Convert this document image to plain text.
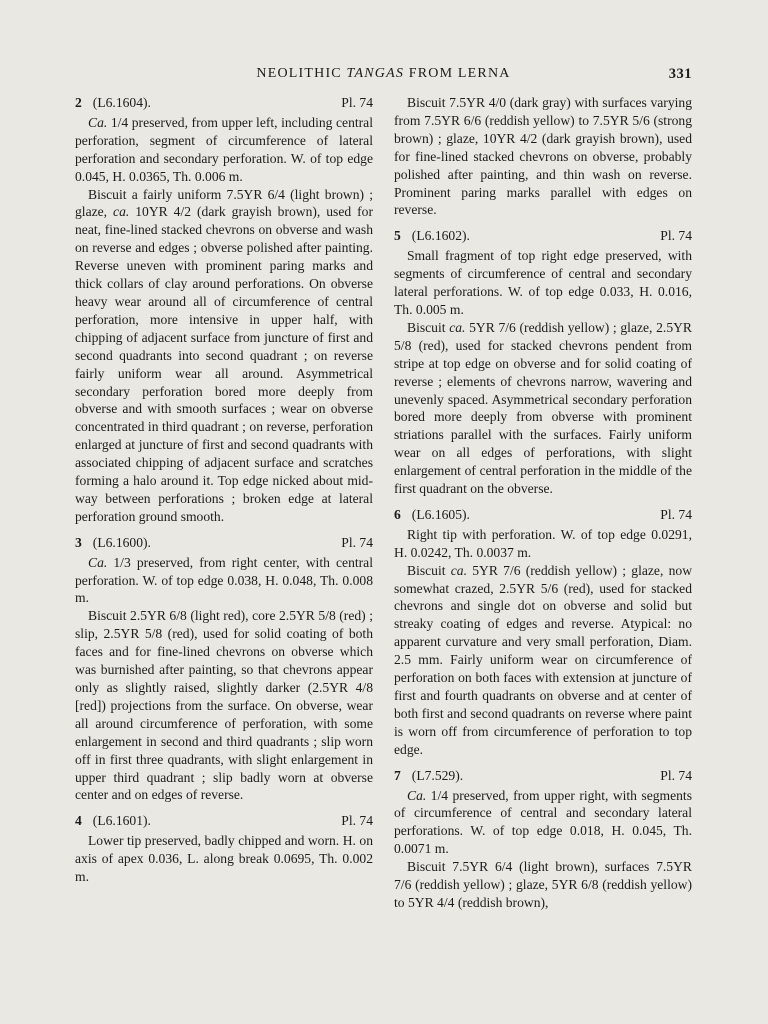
NEOLITHIC TANGAS FROM LERNA	331
2 (L6.1604).	Pl. 74

Ca. 1/4 preserved, from upper left, including central perforation, segment of circumference of lateral perforation and secondary perforation. W. of top edge 0.045, H. 0.0365, Th. 0.006 m.

Biscuit a fairly uniform 7.5YR 6/4 (light brown) ; glaze, ca. 10YR 4/2 (dark grayish brown), used for neat, fine-lined stacked chevrons on obverse and wash on reverse and edges ; obverse polished after painting. Reverse uneven with prominent paring marks and thick collars of clay around perforations. On obverse heavy wear around all of circumference of central perforation, more intensive in upper half, with chipping of adjacent surface from juncture of first and second quadrants into second quadrant ; on reverse fairly uniform wear all around. Asymmetrical secondary perforation bored more deeply from obverse and with smooth surfaces ; wear on obverse concentrated in third quadrant ; on reverse, perforation enlarged at juncture of first and second quadrants with associated chipping of adjacent surface and scratches forming a halo around it. Top edge nicked about mid-way between perforations ; broken edge at lateral perforation ground smooth.

3 (L6.1600).	Pl. 74

Ca. 1/3 preserved, from right center, with central perforation. W. of top edge 0.038, H. 0.048, Th. 0.008 m.

Biscuit 2.5YR 6/8 (light red), core 2.5YR 5/8 (red) ; slip, 2.5YR 5/8 (red), used for solid coating of both faces and for fine-lined chevrons on obverse which was burnished after painting, so that chevrons appear only as slightly raised, slightly darker (2.5YR 4/8 [red]) projections from the surface. On obverse, wear all around circumference of perforation, with some enlargement in second and third quadrants ; slip worn off in first three quadrants, with slight enlargement in upper third quadrant ; slip badly worn at obverse center and on edges of reverse.

4 (L6.1601).	Pl. 74

Lower tip preserved, badly chipped and worn. H. on axis of apex 0.036, L. along break 0.0695, Th. 0.002 m.

Biscuit 7.5YR 4/0 (dark gray) with surfaces varying from 7.5YR 6/6 (reddish yellow) to 7.5YR 5/6 (strong brown) ; glaze, 10YR 4/2 (dark grayish brown), used for fine-lined stacked chevrons on obverse, probably polished after painting, and thin wash on reverse. Prominent paring marks parallel with edges on reverse.

5 (L6.1602).	Pl. 74

Small fragment of top right edge preserved, with segments of circumference of central and secondary lateral perforations. W. of top edge 0.033, H. 0.016, Th. 0.005 m.

Biscuit ca. 5YR 7/6 (reddish yellow) ; glaze, 2.5YR 5/8 (red), used for stacked chevrons pendent from stripe at top edge on obverse and for solid coating of reverse ; elements of chevrons narrow, wavering and unevenly spaced. Asymmetrical secondary perforation bored more deeply from obverse with prominent striations parallel with the surfaces. Fairly uniform wear on all edges of perforations, with slight enlargement of central perforation in the middle of the first quadrant on the obverse.

6 (L6.1605).	Pl. 74

Right tip with perforation. W. of top edge 0.0291, H. 0.0242, Th. 0.0037 m.

Biscuit ca. 5YR 7/6 (reddish yellow) ; glaze, now somewhat crazed, 2.5YR 5/6 (red), used for stacked chevrons and single dot on obverse and solid but streaky coating of edges and reverse. Atypical: no apparent curvature and very small perforation, Diam. 2.5 mm. Fairly uniform wear on circumference of perforation on both faces with extension at juncture of first and fourth quadrants on obverse and at center of both first and second quadrants on reverse where paint is worn off from circumference of perforation to top edge.

7 (L7.529).	Pl. 74

Ca. 1/4 preserved, from upper right, with segments of circumference of central and secondary lateral perforations. W. of top edge 0.018, H. 0.045, Th. 0.0071 m.

Biscuit 7.5YR 6/4 (light brown), surfaces 7.5YR 7/6 (reddish yellow) ; glaze, 5YR 6/8 (reddish yellow) to 5YR 4/4 (reddish brown),
